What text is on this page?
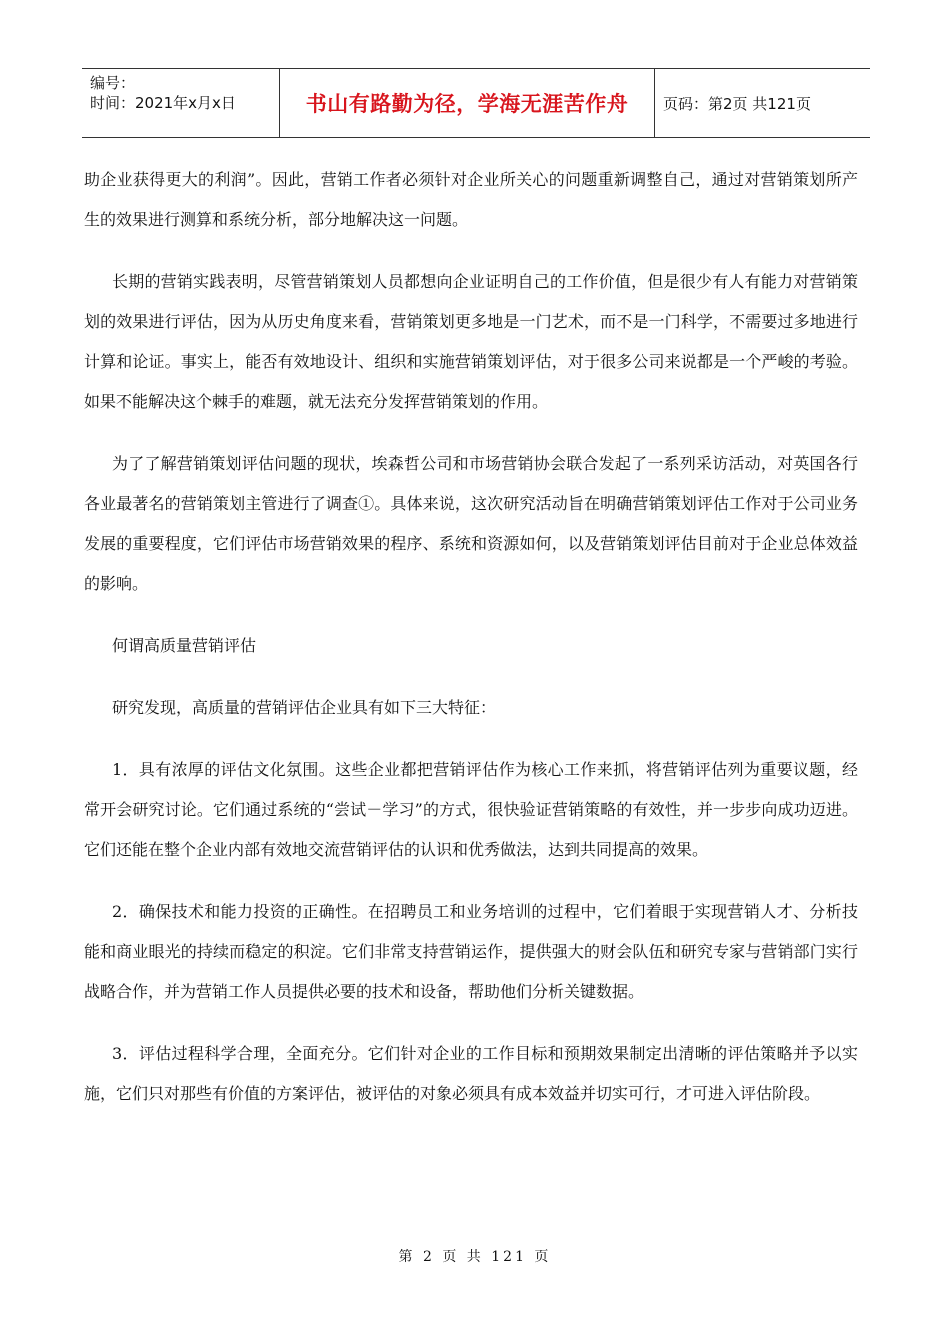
编号：
时间：2021年x月x日	书山有路勤为径，学海无涯苦作舟 页码：第2页 共121页

助企业获得更大的利润”。因此，营销工作者必须针对企业所关心的问题重新调整自己，通过对营销策划所产生的效果进行测算和系统分析，部分地解决这一问题。

长期的营销实践表明，尽管营销策划人员都想向企业证明自己的工作价值，但是很少有人有能力对营销策划的效果进行评估，因为从历史角度来看，营销策划更多地是一门艺术，而不是一门科学，不需要过多地进行计算和论证。事实上，能否有效地设计、组织和实施营销策划评估，对于很多公司来说都是一个严峻的考验。如果不能解决这个棘手的难题，就无法充分发挥营销策划的作用。

为了了解营销策划评估问题的现状，埃森哲公司和市场营销协会联合发起了一系列采访活动，对英国各行各业最著名的营销策划主管进行了调查①。具体来说，这次研究活动旨在明确营销策划评估工作对于公司业务发展的重要程度，它们评估市场营销效果的程序、系统和资源如何，以及营销策划评估目前对于企业总体效益的影响。

何谓高质量营销评估

研究发现，高质量的营销评估企业具有如下三大特征：

1．具有浓厚的评估文化氛围。这些企业都把营销评估作为核心工作来抓，将营销评估列为重要议题，经常开会研究讨论。它们通过系统的“尝试－学习”的方式，很快验证营销策略的有效性，并一步步向成功迈进。它们还能在整个企业内部有效地交流营销评估的认识和优秀做法，达到共同提高的效果。

2．确保技术和能力投资的正确性。在招聘员工和业务培训的过程中，它们着眼于实现营销人才、分析技能和商业眼光的持续而稳定的积淀。它们非常支持营销运作，提供强大的财会队伍和研究专家与营销部门实行战略合作，并为营销工作人员提供必要的技术和设备，帮助他们分析关键数据。

3．评估过程科学合理，全面充分。它们针对企业的工作目标和预期效果制定出清晰的评估策略并予以实施，它们只对那些有价值的方案评估，被评估的对象必须具有成本效益并切实可行，才可进入评估阶段。

第 2 页 共 121 页
